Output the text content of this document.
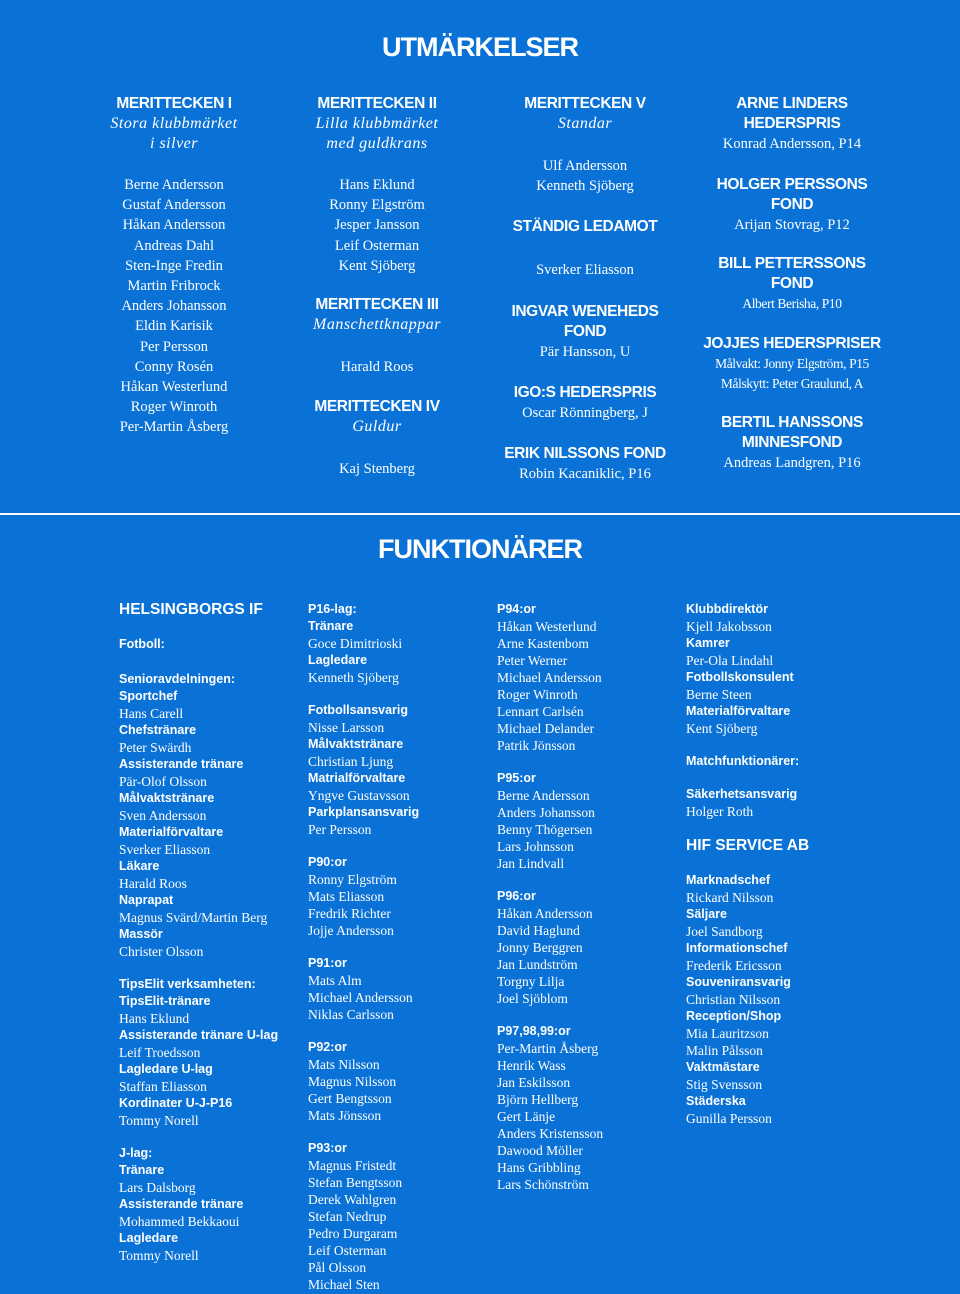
UTMÄRKELSER
MERITTECKEN I
Stora klubbmärket
i silver
Berne Andersson
Gustaf Andersson
Håkan Andersson
Andreas Dahl
Sten-Inge Fredin
Martin Fribrock
Anders Johansson
Eldin Karisik
Per Persson
Conny Rosén
Håkan Westerlund
Roger Winroth
Per-Martin Åsberg
MERITTECKEN II
Lilla klubbmärket
med guldkrans
Hans Eklund
Ronny Elgström
Jesper Jansson
Leif Osterman
Kent Sjöberg
MERITTECKEN III
Manschettknappar
Harald Roos
MERITTECKEN IV
Guldur
Kaj Stenberg
MERITTECKEN V
Standar
Ulf Andersson
Kenneth Sjöberg
STÄNDIG LEDAMOT
Sverker Eliasson
INGVAR WENEHEDS
FOND
Pär Hansson, U
IGO:S HEDERSPRIS
Oscar Rönningberg, J
ERIK NILSSONS FOND
Robin Kacaniklic, P16
ARNE LINDERS
HEDERSPRIS
Konrad Andersson, P14
HOLGER PERSSONS
FOND
Arijan Stovrag, P12
BILL PETTERSSONS
FOND
Albert Berisha, P10
JOJJES HEDERSPRISER
Målvakt: Jonny Elgström, P15
Målskytt: Peter Graulund, A
BERTIL HANSSONS
MINNESFOND
Andreas Landgren, P16
FUNKTIONÄRER
HELSINGBORGS IF
Fotboll:
Senioravdelningen:
Sportchef
Hans Carell
Chefstränare
Peter Swärdh
Assisterande tränare
Pär-Olof Olsson
Målvaktstränare
Sven Andersson
Materialförvaltare
Sverker Eliasson
Läkare
Harald Roos
Naprapat
Magnus Svärd/Martin Berg
Massör
Christer Olsson
TipsElit verksamheten:
TipsElit-tränare
Hans Eklund
Assisterande tränare U-lag
Leif Troedsson
Lagledare U-lag
Staffan Eliasson
Kordinater U-J-P16
Tommy Norell
J-lag:
Tränare
Lars Dalsborg
Assisterande tränare
Mohammed Bekkaoui
Lagledare
Tommy Norell
P16-lag:
Tränare
Goce Dimitrioski
Lagledare
Kenneth Sjöberg
Fotbollsansvarig
Nisse Larsson
Målvaktstränare
Christian Ljung
Matrialförvaltare
Yngve Gustavsson
Parkplansansvarig
Per Persson
P90:or
Ronny Elgström
Mats Eliasson
Fredrik Richter
Jojje Andersson
P91:or
Mats Alm
Michael Andersson
Niklas Carlsson
P92:or
Mats Nilsson
Magnus Nilsson
Gert Bengtsson
Mats Jönsson
P93:or
Magnus Fristedt
Stefan Bengtsson
Derek Wahlgren
Stefan Nedrup
Pedro Durgaram
Leif Osterman
Pål Olsson
Michael Sten
P94:or
Håkan Westerlund
Arne Kastenbom
Peter Werner
Michael Andersson
Roger Winroth
Lennart Carlsén
Michael Delander
Patrik Jönsson
P95:or
Berne Andersson
Anders Johansson
Benny Thögersen
Lars Johnsson
Jan Lindvall
P96:or
Håkan Andersson
David Haglund
Jonny Berggren
Jan Lundström
Torgny Lilja
Joel Sjöblom
P97,98,99:or
Per-Martin Åsberg
Henrik Wass
Jan Eskilsson
Björn Hellberg
Gert Länje
Anders Kristensson
Dawood Möller
Hans Gribbling
Lars Schönström
Klubbdirektör
Kjell Jakobsson
Kamrer
Per-Ola Lindahl
Fotbollskonsulent
Berne Steen
Materialförvaltare
Kent Sjöberg
Matchfunktionärer:
Säkerhetsansvarig
Holger Roth
HIF SERVICE AB
Marknadschef
Rickard Nilsson
Säljare
Joel Sandborg
Informationschef
Frederik Ericsson
Souveniransvarig
Christian Nilsson
Reception/Shop
Mia Lauritzson
Malin Pålsson
Vaktmästare
Stig Svensson
Städerska
Gunilla Persson
